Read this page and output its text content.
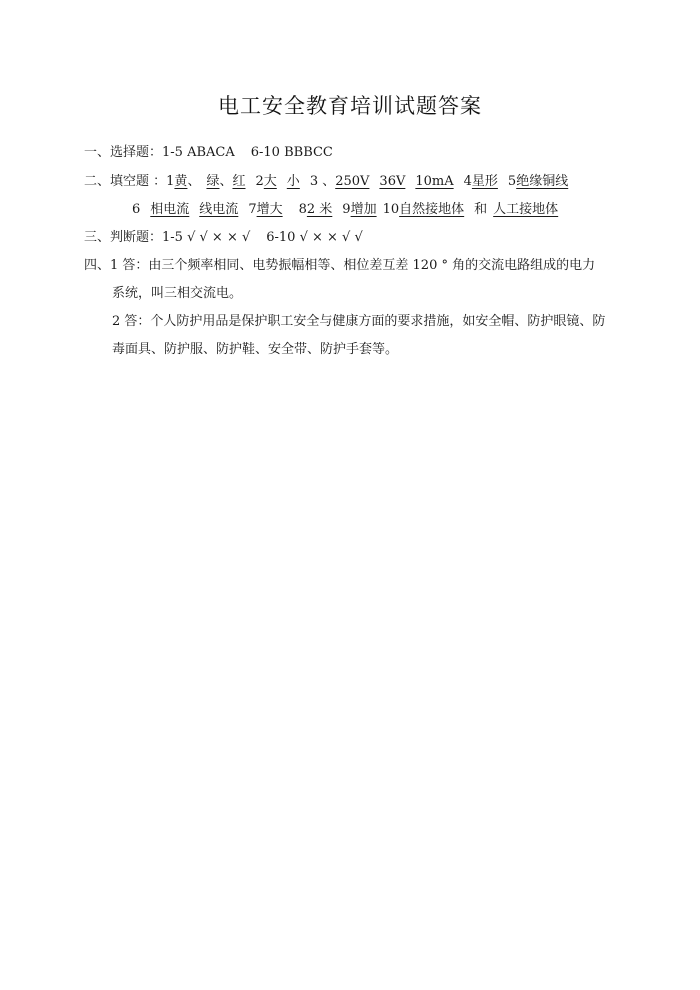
电工安全教育培训试题答案
一、选择题：1-5 ABACA 6-10 BBBCC
二、填空题 ：1黄、 绿、红 2大 小 3 、250V 36V 10mA 4星形 5绝缘铜线
6 相电流 线电流 7增大 82 米 9增加 10自然接地体 和 人工接地体
三、判断题：1-5 √ √ × × √ 6-10 √ × × √ √
四、1 答：由三个频率相同、电势振幅相等、相位差互差 120 ° 角的交流电路组成的电力
系统，叫三相交流电。
2 答：个人防护用品是保护职工安全与健康方面的要求措施，如安全帽、防护眼镜、防
毒面具、防护服、防护鞋、安全带、防护手套等。
